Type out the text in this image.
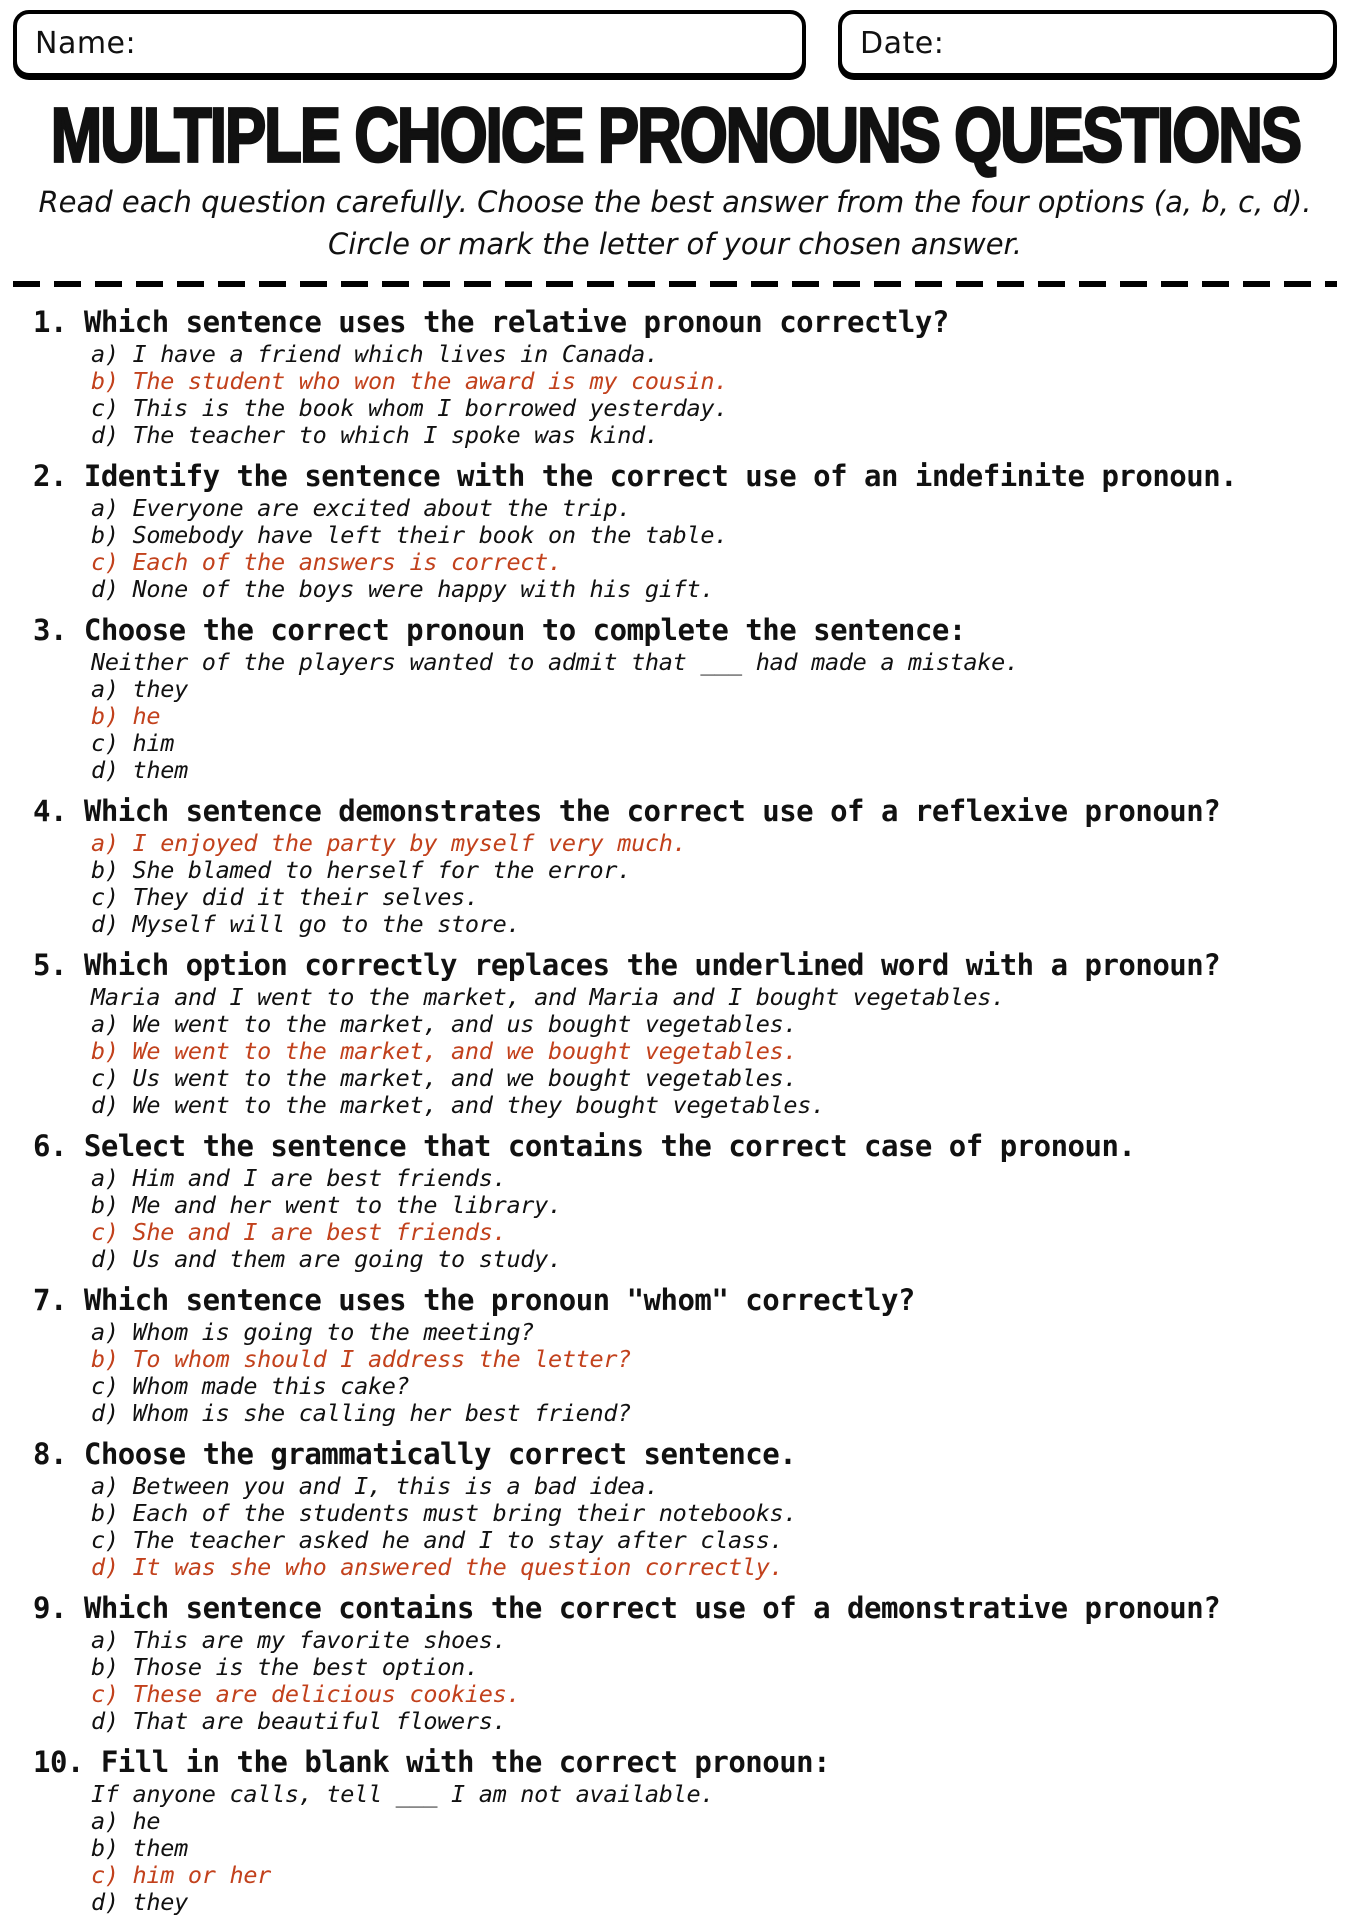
Name:	Date:
MULTIPLE CHOICE PRONOUNS QUESTIONS
Read each question carefully. Choose the best answer from the four options (a, b, c, d).
Circle or mark the letter of your chosen answer.
1. Which sentence uses the relative pronoun correctly?
a) I have a friend which lives in Canada.
b) The student who won the award is my cousin.
c) This is the book whom I borrowed yesterday.
d) The teacher to which I spoke was kind.
2. Identify the sentence with the correct use of an indefinite pronoun.
a) Everyone are excited about the trip.
b) Somebody have left their book on the table.
c) Each of the answers is correct.
d) None of the boys were happy with his gift.
3. Choose the correct pronoun to complete the sentence:
Neither of the players wanted to admit that ___ had made a mistake.
a) they
b) he
c) him
d) them
4. Which sentence demonstrates the correct use of a reflexive pronoun?
a) I enjoyed the party by myself very much.
b) She blamed to herself for the error.
c) They did it their selves.
d) Myself will go to the store.
5. Which option correctly replaces the underlined word with a pronoun?
Maria and I went to the market, and Maria and I bought vegetables.
a) We went to the market, and us bought vegetables.
b) We went to the market, and we bought vegetables.
c) Us went to the market, and we bought vegetables.
d) We went to the market, and they bought vegetables.
6. Select the sentence that contains the correct case of pronoun.
a) Him and I are best friends.
b) Me and her went to the library.
c) She and I are best friends.
d) Us and them are going to study.
7. Which sentence uses the pronoun "whom" correctly?
a) Whom is going to the meeting?
b) To whom should I address the letter?
c) Whom made this cake?
d) Whom is she calling her best friend?
8. Choose the grammatically correct sentence.
a) Between you and I, this is a bad idea.
b) Each of the students must bring their notebooks.
c) The teacher asked he and I to stay after class.
d) It was she who answered the question correctly.
9. Which sentence contains the correct use of a demonstrative pronoun?
a) This are my favorite shoes.
b) Those is the best option.
c) These are delicious cookies.
d) That are beautiful flowers.
10. Fill in the blank with the correct pronoun:
If anyone calls, tell ___ I am not available.
a) he
b) them
c) him or her
d) they
